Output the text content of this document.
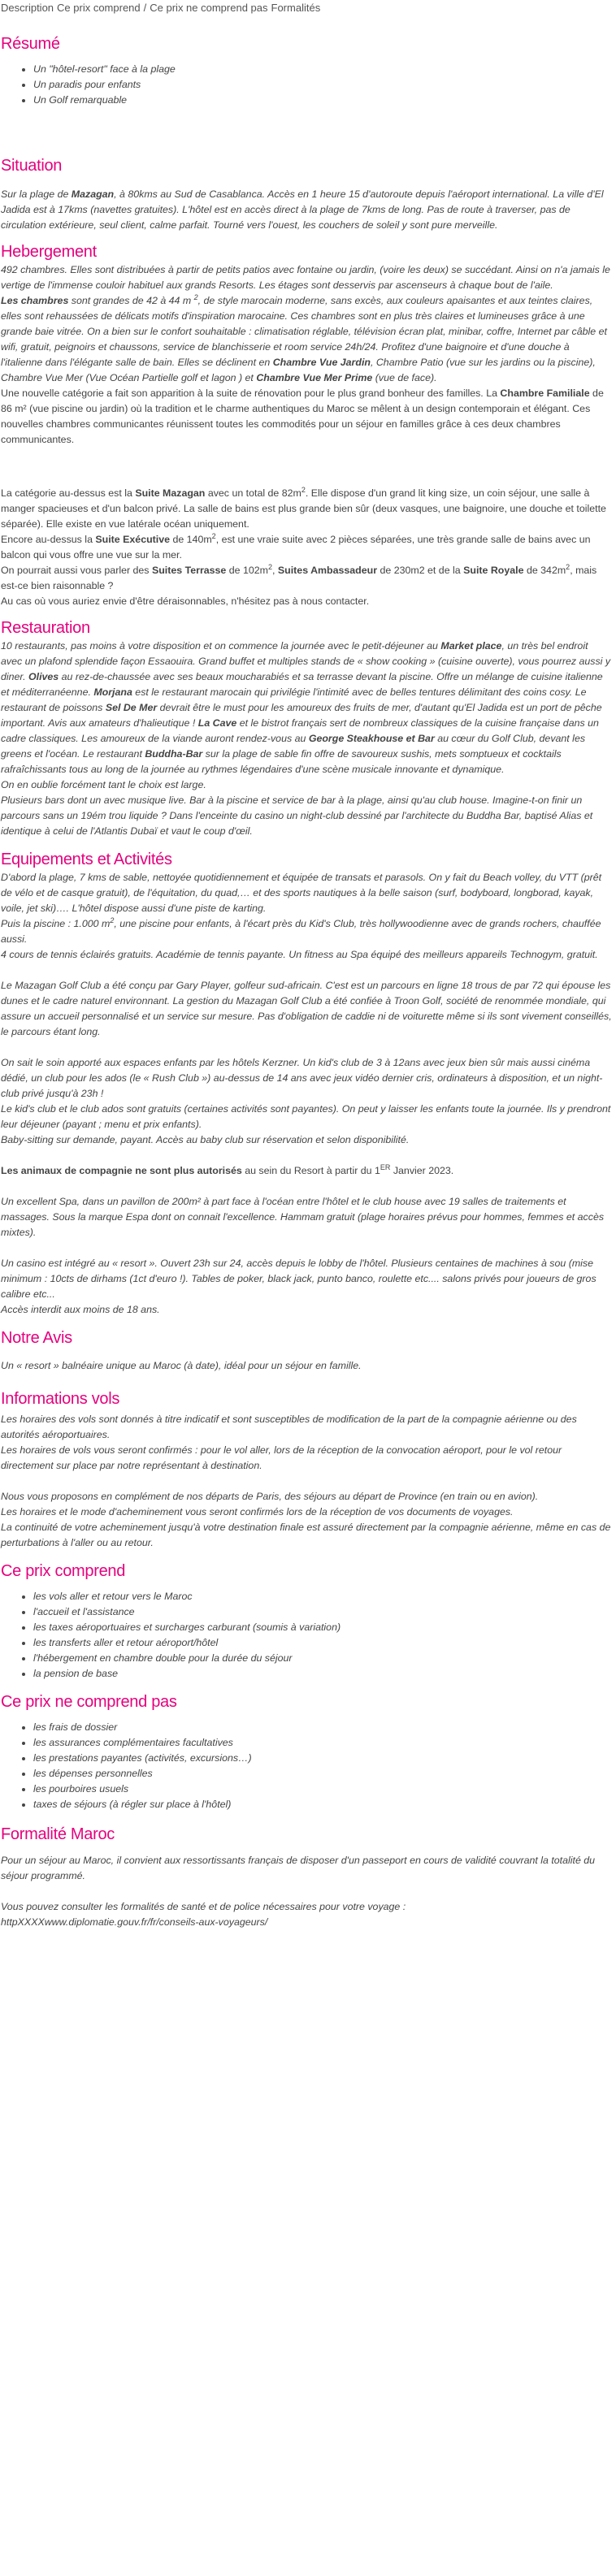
Description Ce prix comprend / Ce prix ne comprend pas Formalités
Résumé
• Un "hôtel-resort" face à la plage
• Un paradis pour enfants
• Un Golf remarquable
Situation

Sur la plage de Mazagan, à 80kms au Sud de Casablanca. Accès en 1 heure 15 d'autoroute depuis l'aéroport international. La ville d'El Jadida est à 17kms (navettes gratuites). L'hôtel est en accès direct à la plage de 7kms de long. Pas de route à traverser, pas de circulation extérieure, seul client, calme parfait. Tourné vers l'ouest, les couchers de soleil y sont pure merveille.

Hebergement

492 chambres. Elles sont distribuées à partir de petits patios avec fontaine ou jardin, (voire les deux) se succédant. Ainsi on n'a jamais le vertige de l'immense couloir habituel aux grands Resorts. Les étages sont desservis par ascenseurs à chaque bout de l'aile.

Les chambres sont grandes de 42 à 44 m $^2$, de style marocain moderne, sans excès, aux couleurs apaisantes et aux teintes claires, elles sont rehaussées de délicats motifs d'inspiration marocaine. Ces chambres sont en plus très claires et lumineuses grâce à une grande baie vitrée. On a bien sur le confort souhaitable : climatisation réglable, télévision écran plat, minibar, coffre, Internet par câble et wifi, gratuit, peignoirs et chaussons, service de blanchisserie et room service 24h/24. Profitez d'une baignoire et d'une douche à l'italienne dans l'élégante salle de bain. Elles se déclinent en Chambre Vue Jardin, Chambre Patio (vue sur les jardins ou la piscine), Chambre Vue Mer (Vue Océan Partielle golf et lagon ) et Chambre Vue Mer Prime (vue de face).

Une nouvelle catégorie a fait son apparition à la suite de rénovation pour le plus grand bonheur des familles. La Chambre Familiale de 86 m² (vue piscine ou jardin) où la tradition et le charme authentiques du Maroc se mêlent à un design contemporain et élégant. Ces nouvelles chambres communicantes réunissent toutes les commodités pour un séjour en familles grâce à ces deux chambres communicantes.

La catégorie au-dessus est la Suite Mazagan avec un total de $82m^2$. Elle dispose d'un grand lit king size, un coin séjour, une salle à manger spacieuses et d'un balcon privé. La salle de bains est plus grande bien sûr (deux vasques, une baignoire, une douche et toilette séparée). Elle existe en vue latérale océan uniquement.

Encore au-dessus la Suite Exécutive de $140m^2$, est une vraie suite avec 2 pièces séparées, une très grande salle de bains avec un balcon qui vous offre une vue sur la mer.

On pourrait aussi vous parler des Suites Terrasse de $102m^2$, Suites Ambassadeur de 230m2 et de la Suite Royale de $342m^2$, mais est-ce bien raisonnable ?

Au cas où vous auriez envie d'être déraisonnables, n'hésitez pas à nous contacter.

Restauration

10 restaurants, pas moins à votre disposition et on commence la journée avec le petit-déjeuner au Market place, un très bel endroit avec un plafond splendide façon Essaouira. Grand buffet et multiples stands de « show cooking » (cuisine ouverte), vous pourrez aussi y diner. Olives au rez-de-chaussée avec ses beaux moucharabiés et sa terrasse devant la piscine. Offre un mélange de cuisine italienne et méditerranéenne. Morjana est le restaurant marocain qui privilégie l'intimité avec de belles tentures délimitant des coins cosy. Le restaurant de poissons Sel De Mer devrait être le must pour les amoureux des fruits de mer, d'autant qu'El Jadida est un port de pêche important. Avis aux amateurs d'halieutique ! La Cave et le bistrot français sert de nombreux classiques de la cuisine française dans un cadre classiques. Les amoureux de la viande auront rendez-vous au George Steakhouse et Bar au cœur du Golf Club, devant les greens et l'océan. Le restaurant Buddha-Bar sur la plage de sable fin offre de savoureux sushis, mets somptueux et cocktails rafraîchissants tous au long de la journée au rythmes légendaires d'une scène musicale innovante et dynamique.

On en oublie forcément tant le choix est large.

Plusieurs bars dont un avec musique live. Bar à la piscine et service de bar à la plage, ainsi qu'au club house. Imagine-t-on finir un parcours sans un 19ém trou liquide ? Dans l'enceinte du casino un night-club dessiné par l'architecte du Buddha Bar, baptisé Alias et identique à celui de l'Atlantis Dubaï et vaut le coup d'œil.

Equipements et Activités

D'abord la plage, 7 kms de sable, nettoyée quotidiennement et équipée de transats et parasols. On y fait du Beach volley, du VTT (prêt de vélo et de casque gratuit), de l'équitation, du quad,… et des sports nautiques à la belle saison (surf, bodyboard, longborad, kayak, voile, jet ski)…. L'hôtel dispose aussi d'une piste de karting.

Puis la piscine : 1.000 $m^2$, une piscine pour enfants, à l'écart près du Kid's Club, très hollywoodienne avec de grands rochers, chauffée aussi.

4 cours de tennis éclairés gratuits. Académie de tennis payante. Un fitness au Spa équipé des meilleurs appareils Technogym, gratuit.

Le Mazagan Golf Club a été conçu par Gary Player, golfeur sud-africain. C'est est un parcours en ligne 18 trous de par 72 qui épouse les dunes et le cadre naturel environnant. La gestion du Mazagan Golf Club a été confiée à Troon Golf, société de renommée mondiale, qui assure un accueil personnalisé et un service sur mesure. Pas d'obligation de caddie ni de voiturette même si ils sont vivement conseillés, le parcours étant long.

On sait le soin apporté aux espaces enfants par les hôtels Kerzner. Un kid's club de 3 à 12ans avec jeux bien sûr mais aussi cinéma dédié, un club pour les ados (le « Rush Club ») au-dessus de 14 ans avec jeux vidéo dernier cris, ordinateurs à disposition, et un night-club privé jusqu'à 23h !

Le kid's club et le club ados sont gratuits (certaines activités sont payantes). On peut y laisser les enfants toute la journée. Ils y prendront leur déjeuner (payant ; menu et prix enfants).

Baby-sitting sur demande, payant. Accès au baby club sur réservation et selon disponibilité.

Les animaux de compagnie ne sont plus autorisés au sein du Resort à partir du 1ER Janvier 2023.

Un excellent Spa, dans un pavillon de 200m² à part face à l'océan entre l'hôtel et le club house avec 19 salles de traitements et massages. Sous la marque Espa dont on connait l'excellence. Hammam gratuit (plage horaires prévus pour hommes, femmes et accès mixtes).

Un casino est intégré au « resort ». Ouvert 23h sur 24, accès depuis le lobby de l'hôtel. Plusieurs centaines de machines à sou (mise minimum : 10cts de dirhams (1ct d'euro !). Tables de poker, black jack, punto banco, roulette etc.... salons privés pour joueurs de gros calibre etc...

Accès interdit aux moins de 18 ans.

Notre Avis

Un « resort » balnéaire unique au Maroc (à date), idéal pour un séjour en famille.

Informations vols

Les horaires des vols sont donnés à titre indicatif et sont susceptibles de modification de la part de la compagnie aérienne ou des autorités aéroportuaires.

Les horaires de vols vous seront confirmés : pour le vol aller, lors de la réception de la convocation aéroport, pour le vol retour directement sur place par notre représentant à destination.

Nous vous proposons en complément de nos départs de Paris, des séjours au départ de Province (en train ou en avion).

Les horaires et le mode d'acheminement vous seront confirmés lors de la réception de vos documents de voyages.

La continuité de votre acheminement jusqu'à votre destination finale est assuré directement par la compagnie aérienne, même en cas de perturbations à l'aller ou au retour.

Ce prix comprend
• les vols aller et retour vers le Maroc
• l'accueil et l'assistance
• les taxes aéroportuaires et surcharges carburant (soumis à variation)
• les transferts aller et retour aéroport/hôtel
• l'hébergement en chambre double pour la durée du séjour
• la pension de base
Ce prix ne comprend pas
• les frais de dossier
• les assurances complémentaires facultatives
• les prestations payantes (activités, excursions…)
• les dépenses personnelles
• les pourboires usuels
• taxes de séjours (à régler sur place à l'hôtel)
Formalité Maroc

Pour un séjour au Maroc, il convient aux ressortissants français de disposer d'un passeport en cours de validité couvrant la totalité du séjour programmé.

Vous pouvez consulter les formalités de santé et de police nécessaires pour votre voyage :

httpXXXXwww.diplomatie.gouv.fr/fr/conseils-aux-voyageurs/
